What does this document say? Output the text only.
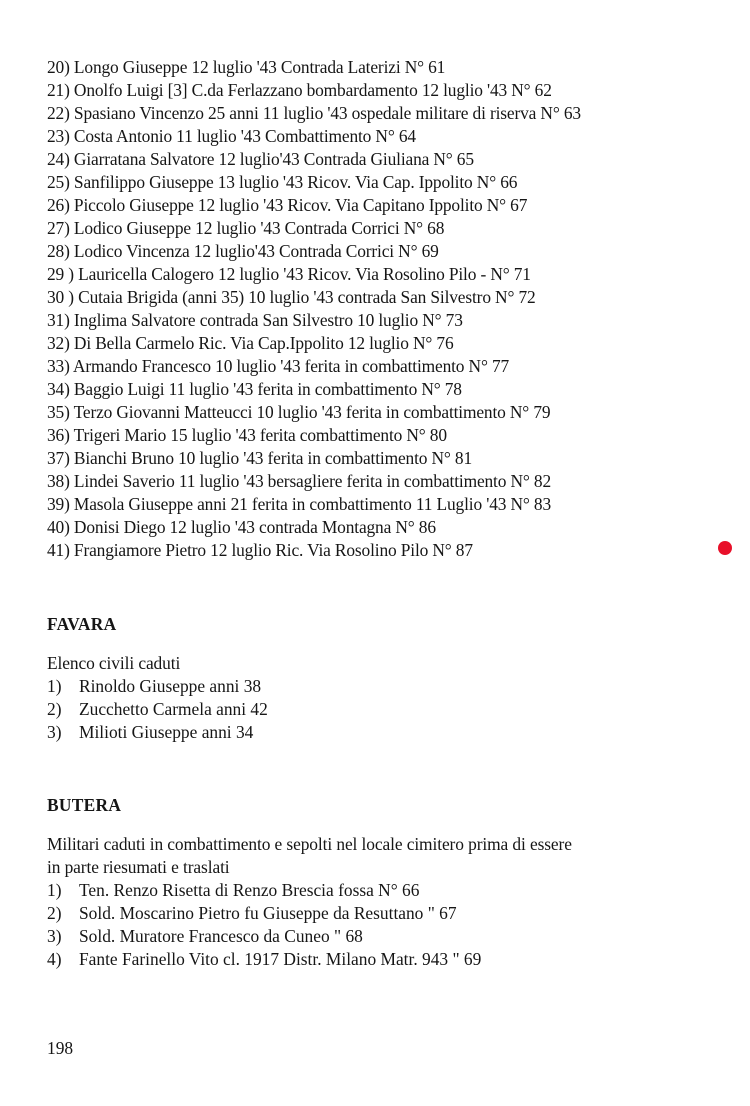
20) Longo Giuseppe 12 luglio '43 Contrada Laterizi N° 61
21) Onolfo Luigi [3] C.da Ferlazzano bombardamento 12 luglio '43 N° 62
22) Spasiano Vincenzo 25 anni 11 luglio '43 ospedale militare di riserva N° 63
23) Costa Antonio 11 luglio '43 Combattimento N° 64
24) Giarratana Salvatore 12 luglio'43 Contrada Giuliana N° 65
25) Sanfilippo Giuseppe 13 luglio '43 Ricov. Via Cap. Ippolito N° 66
26) Piccolo Giuseppe 12 luglio '43 Ricov. Via Capitano Ippolito N° 67
27) Lodico Giuseppe 12 luglio '43 Contrada Corrici N° 68
28) Lodico Vincenza 12 luglio'43 Contrada Corrici N° 69
29 ) Lauricella Calogero 12 luglio '43 Ricov. Via Rosolino Pilo - N° 71
30 ) Cutaia Brigida (anni 35) 10 luglio '43 contrada San Silvestro N° 72
31) Inglima Salvatore contrada San Silvestro 10 luglio N° 73
32) Di Bella Carmelo Ric. Via Cap.Ippolito 12 luglio N° 76
33) Armando Francesco 10 luglio '43 ferita in combattimento N° 77
34) Baggio Luigi 11 luglio '43 ferita in combattimento N° 78
35) Terzo Giovanni Matteucci 10 luglio '43 ferita in combattimento N° 79
36) Trigeri Mario 15 luglio '43 ferita combattimento N° 80
37) Bianchi Bruno 10 luglio '43 ferita in combattimento N° 81
38) Lindei Saverio 11 luglio '43 bersagliere ferita in combattimento N° 82
39) Masola Giuseppe anni 21 ferita in combattimento 11 Luglio '43 N° 83
40) Donisi Diego 12 luglio '43 contrada Montagna N° 86
41) Frangiamore Pietro 12 luglio Ric. Via Rosolino Pilo N° 87
FAVARA
Elenco civili caduti
1)	Rinoldo Giuseppe anni 38
2)	Zucchetto Carmela anni 42
3)	Milioti Giuseppe anni 34
BUTERA
Militari caduti in combattimento e sepolti nel locale cimitero prima di essere
in parte riesumati e traslati
1)	Ten. Renzo Risetta di Renzo Brescia fossa N° 66
2)	Sold. Moscarino Pietro fu Giuseppe da Resuttano " 67
3)	Sold. Muratore Francesco da Cuneo " 68
4)	Fante Farinello Vito cl. 1917 Distr. Milano Matr. 943 " 69
198
